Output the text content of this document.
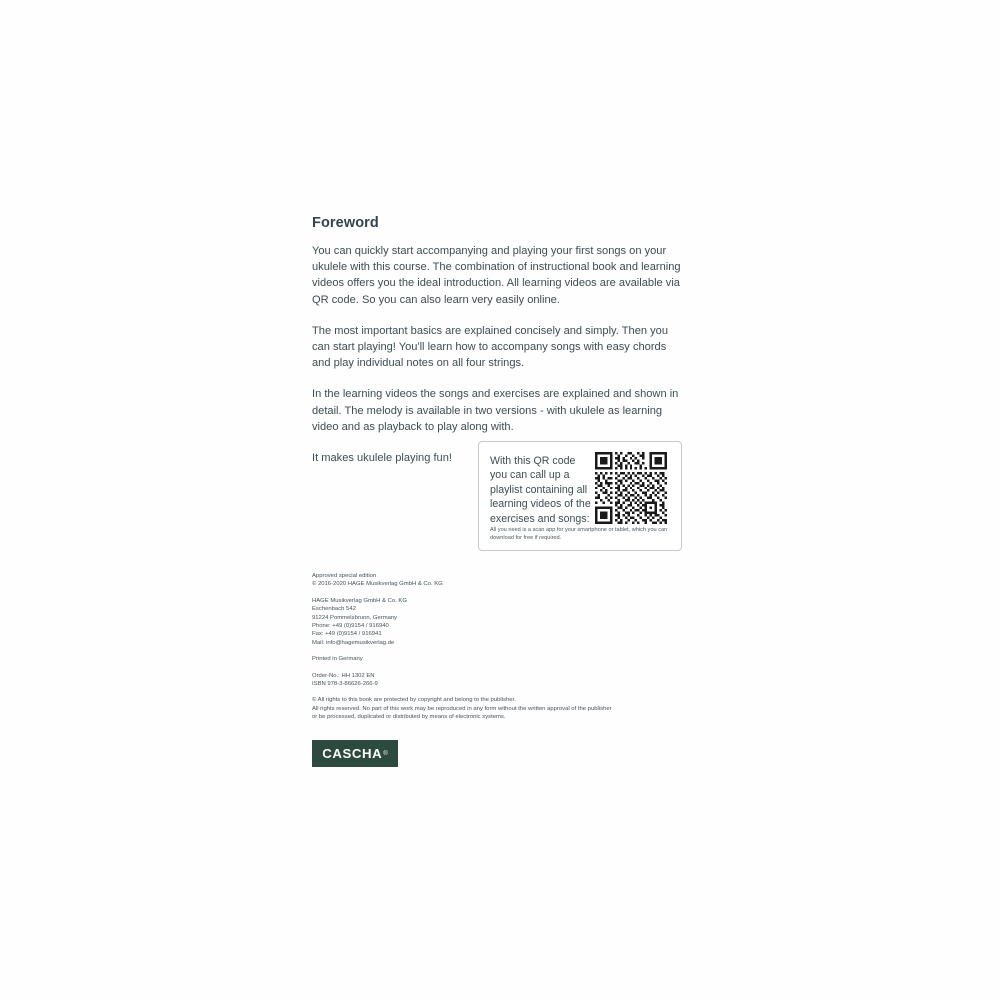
Foreword

You can quickly start accompanying and playing your first songs on your ukulele with this course. The combination of instructional book and learning videos offers you the ideal introduction. All learning videos are available via QR code. So you can also learn very easily online.

The most important basics are explained concisely and simply. Then you can start playing! You'll learn how to accompany songs with easy chords and play individual notes on all four strings.

In the learning videos the songs and exercises are explained and shown in detail. The melody is available in two versions - with ukulele as learning video and as playback to play along with.

It makes ukulele playing fun!	With this QR code you can call up a playlist containing all learning videos of the exercises and songs:
All you need is a scan app for your smartphone or tablet, which you can download for free if required.
Approved special edition
© 2016-2020 HAGE Musikverlag GmbH & Co. KG
HAGE Musikverlag GmbH & Co. KG
Eschenbach 542
91224 Pommelsbrunn, Germany
Phone: +49 (0)9154 / 916940
Fax: +49 (0)9154 / 916941
Mail: info@hagemusikverlag.de
Printed in Germany
Order-No.: HH 1302 EN
ISBN 978-3-86626-266-9
© All rights to this book are protected by copyright and belong to the publisher.
All rights reserved. No part of this work may be reproduced in any form without the written approval of the publisher
or be processed, duplicated or distributed by means of electronic systems.
CASCHA ®
